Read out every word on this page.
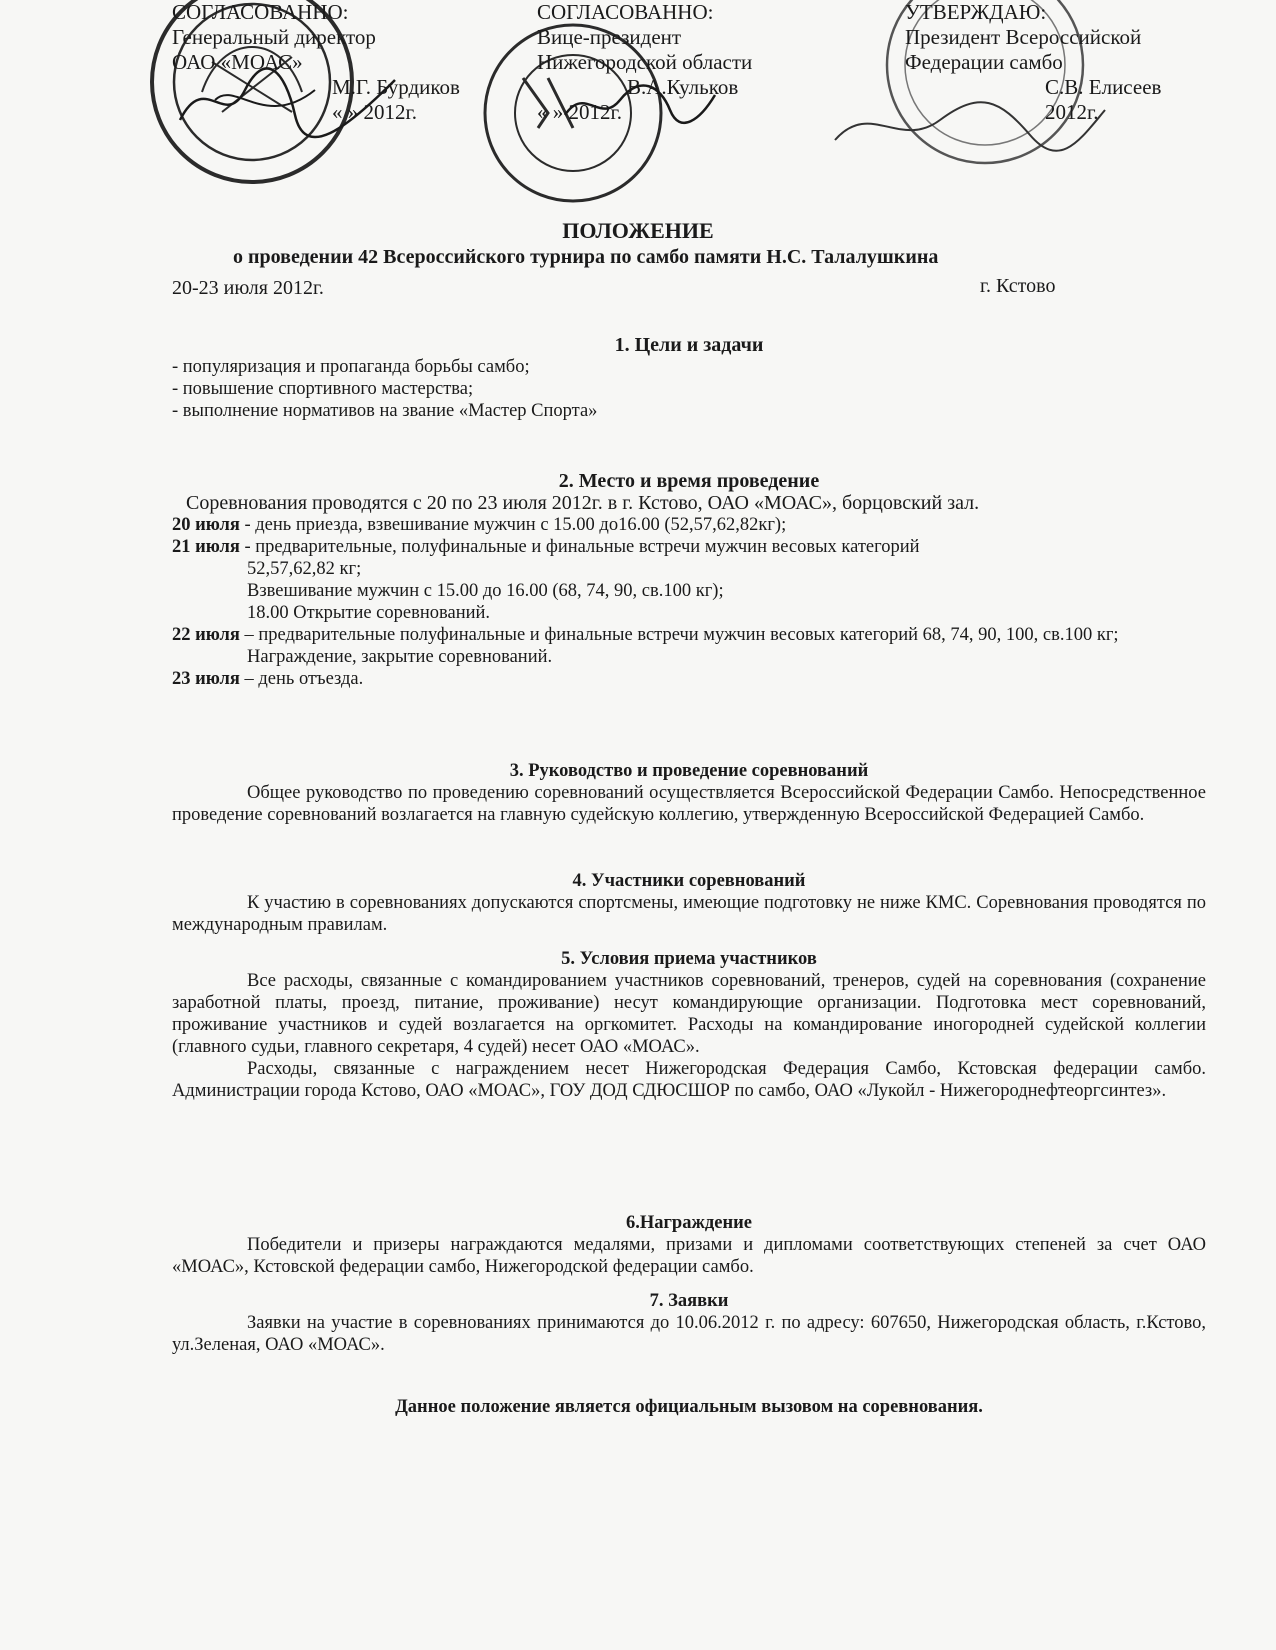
СОГЛАСОВАННО:
Генеральный директор
ОАО «МОАС»
М.Г. Бурдиков
« » 2012г.
СОГЛАСОВАННО:
Вице-президент
Нижегородской области
В.А.Кульков
« » 2012г.
УТВЕРЖДАЮ:
Президент Всероссийской
Федерации самбо
С.В. Елисеев
2012г.
ПОЛОЖЕНИЕ
о проведении 42 Всероссийского турнира по самбо памяти Н.С. Талалушкина
20-23 июля 2012г.	г. Кстово
1. Цели и задачи
- популяризация и пропаганда борьбы самбо;
- повышение спортивного мастерства;
- выполнение нормативов на звание «Мастер Спорта»
2. Место и время проведение
Соревнования проводятся с 20 по 23 июля 2012г. в г. Кстово, ОАО «МОАС», борцовский зал.
20 июля - день приезда, взвешивание мужчин с 15.00 до16.00 (52,57,62,82кг);
21 июля - предварительные, полуфинальные и финальные встречи мужчин весовых категорий
52,57,62,82 кг;
Взвешивание мужчин с 15.00 до 16.00 (68, 74, 90, св.100 кг);
18.00 Открытие соревнований.
22 июля – предварительные полуфинальные и финальные встречи мужчин весовых категорий 68, 74, 90, 100, св.100 кг;
Награждение, закрытие соревнований.
23 июля – день отъезда.
3. Руководство и проведение соревнований
Общее руководство по проведению соревнований осуществляется Всероссийской Федерации Самбо. Непосредственное проведение соревнований возлагается на главную судейскую коллегию, утвержденную Всероссийской Федерацией Самбо.
4. Участники соревнований
К участию в соревнованиях допускаются спортсмены, имеющие подготовку не ниже КМС. Соревнования проводятся по международным правилам.
5. Условия приема участников
Все расходы, связанные с командированием участников соревнований, тренеров, судей на соревнования (сохранение заработной платы, проезд, питание, проживание) несут командирующие организации. Подготовка мест соревнований, проживание участников и судей возлагается на оргкомитет. Расходы на командирование иногородней судейской коллегии (главного судьи, главного секретаря, 4 судей) несет ОАО «МОАС».
Расходы, связанные с награждением несет Нижегородская Федерация Самбо, Кстовская федерации самбо. Администрации города Кстово, ОАО «МОАС», ГОУ ДОД СДЮСШОР по самбо, ОАО «Лукойл - Нижегороднефтеоргсинтез».
6.Награждение
Победители и призеры награждаются медалями, призами и дипломами соответствующих степеней за счет ОАО «МОАС», Кстовской федерации самбо, Нижегородской федерации самбо.
7. Заявки
Заявки на участие в соревнованиях принимаются до 10.06.2012 г. по адресу: 607650, Нижегородская область, г.Кстово, ул.Зеленая, ОАО «МОАС».
Данное положение является официальным вызовом на соревнования.
